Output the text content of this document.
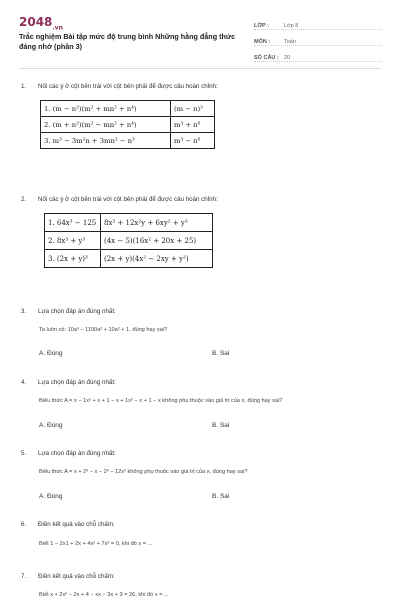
$2048_{.vn}$
Trắc nghiệm Bài tập mức độ trung bình Những hằng đẳng thức đáng nhớ (phần 3)
LỚP :	Lớp 8
MÔN :	Toán
SỐ CÂU : 20
1. Nối các ý ở cột bên trái với cột bên phải để được câu hoàn chỉnh:
1. (m − n²)(m² + mn² + n⁴)	(m − n)³
2. (m + n²)(m² − mn² + n⁴)	m³ + n⁶
3. m³ − 3m²n + 3mn² − n³	m³ − n⁶
2. Nối các ý ở cột bên trái với cột bên phải để được câu hoàn chỉnh:
1. 64x³ − 125	8x³ + 12x²y + 6xy² + y³
2. 8x³ + y³	(4x − 5)(16x² + 20x + 25)
3. (2x + y)³	(2x + y)(4x² − 2xy + y²)
3. Lựa chọn đáp án đúng nhất:
Ta luôn có: 10a³ − 1100a² + 10a² + 1, đúng hay sai?
A. Đúng	B. Sai
4. Lựa chọn đáp án đúng nhất:
Biểu thức A = x − 1x² + x + 1 − x + 1x² − x + 1 − x không phụ thuộc vào giá trị của x, đúng hay sai?
A. Đúng	B. Sai
5. Lựa chọn đáp án đúng nhất:
Biểu thức A = x + 2³ − x − 2³ − 12x² không phụ thuộc vào giá trị của x, đúng hay sai?
A. Đúng	B. Sai
6. Điền kết quả vào chỗ chấm:
Biết 1 − 2x1 + 2x + 4x² + 7x² = 0, khi đó x = ...
7. Điền kết quả vào chỗ chấm:
Biết x + 2x² − 2x + 4 − xx − 3x + 3 = 26, khi đó x = ...
